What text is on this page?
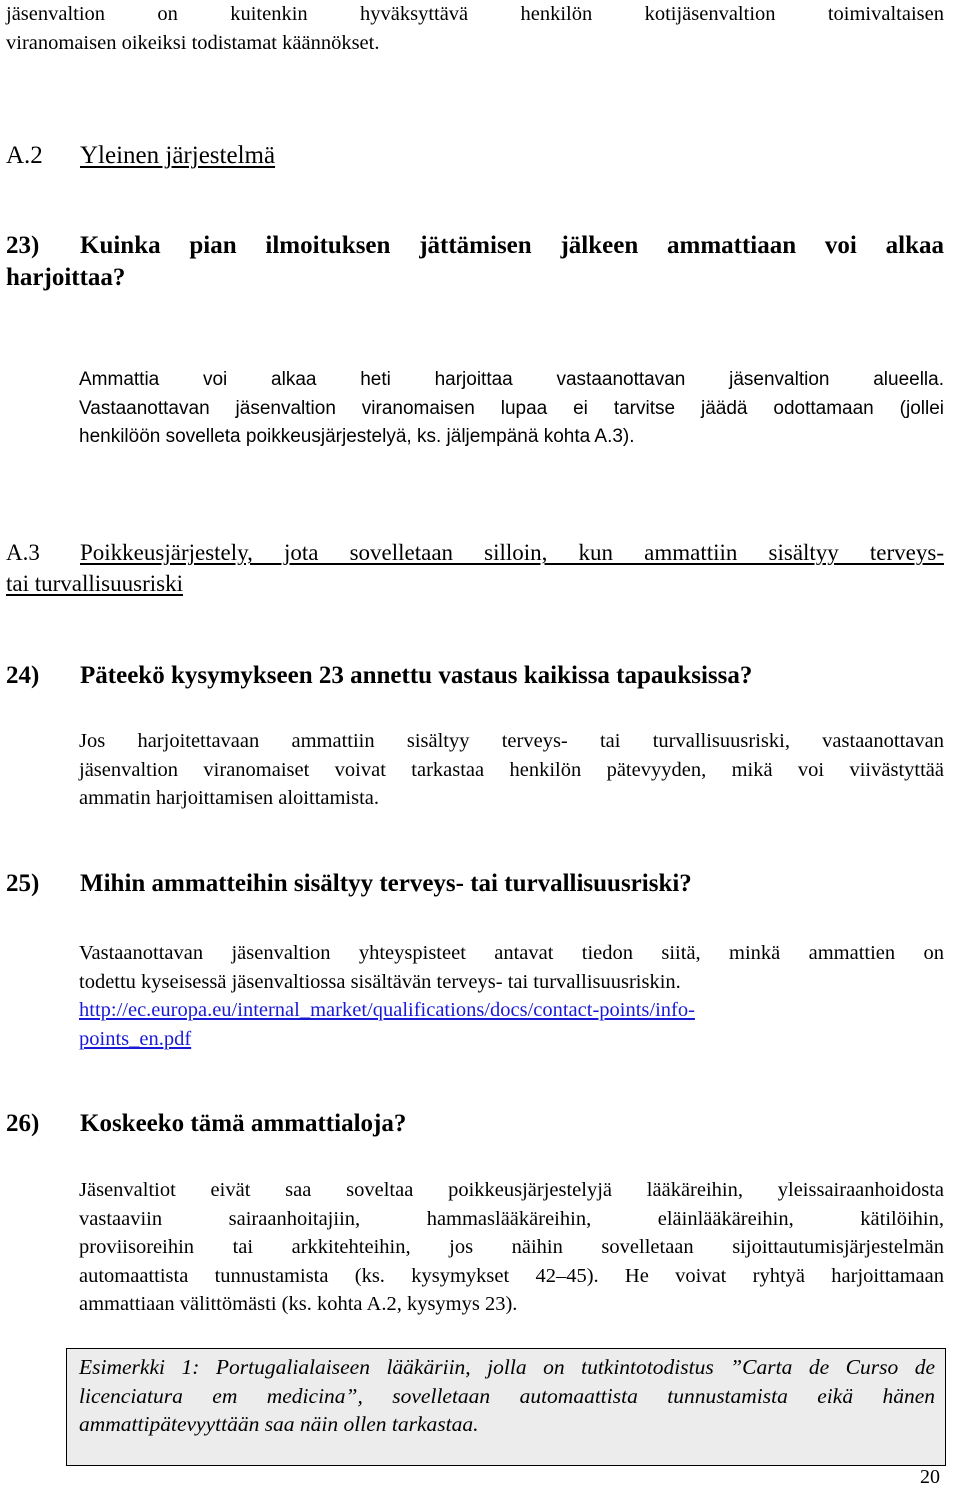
jäsenvaltion on kuitenkin hyväksyttävä henkilön kotijäsenvaltion toimivaltaisen
viranomaisen oikeiksi todistamat käännökset.
A.2 Yleinen järjestelmä
23) Kuinka pian ilmoituksen jättämisen jälkeen ammattiaan voi alkaa
harjoittaa?
Ammattia voi alkaa heti harjoittaa vastaanottavan jäsenvaltion alueella.
Vastaanottavan jäsenvaltion viranomaisen lupaa ei tarvitse jäädä odottamaan (jollei
henkilöön sovelleta poikkeusjärjestelyä, ks. jäljempänä kohta A.3).
A.3 Poikkeusjärjestely, jota sovelletaan silloin, kun ammattiin sisältyy terveys-
tai turvallisuusriski
24) Päteekö kysymykseen 23 annettu vastaus kaikissa tapauksissa?
Jos harjoitettavaan ammattiin sisältyy terveys- tai turvallisuusriski, vastaanottavan
jäsenvaltion viranomaiset voivat tarkastaa henkilön pätevyyden, mikä voi viivästyttää
ammatin harjoittamisen aloittamista.
25) Mihin ammatteihin sisältyy terveys- tai turvallisuusriski?
Vastaanottavan jäsenvaltion yhteyspisteet antavat tiedon siitä, minkä ammattien on
todettu kyseisessä jäsenvaltiossa sisältävän terveys- tai turvallisuusriskin.
http://ec.europa.eu/internal_market/qualifications/docs/contact-points/info-
points_en.pdf
26) Koskeeko tämä ammattialoja?
Jäsenvaltiot eivät saa soveltaa poikkeusjärjestelyjä lääkäreihin, yleissairaanhoidosta
vastaaviin sairaanhoitajiin, hammaslääkäreihin, eläinlääkäreihin, kätilöihin,
proviisoreihin tai arkkitehteihin, jos näihin sovelletaan sijoittautumisjärjestelmän
automaattista tunnustamista (ks. kysymykset 42–45). He voivat ryhtyä harjoittamaan
ammattiaan välittömästi (ks. kohta A.2, kysymys 23).
Esimerkki 1: Portugalialaiseen lääkäriin, jolla on tutkintotodistus ”Carta de Curso de
licenciatura em medicina”, sovelletaan automaattista tunnustamista eikä hänen
ammattipätevyyttään saa näin ollen tarkastaa.
20
